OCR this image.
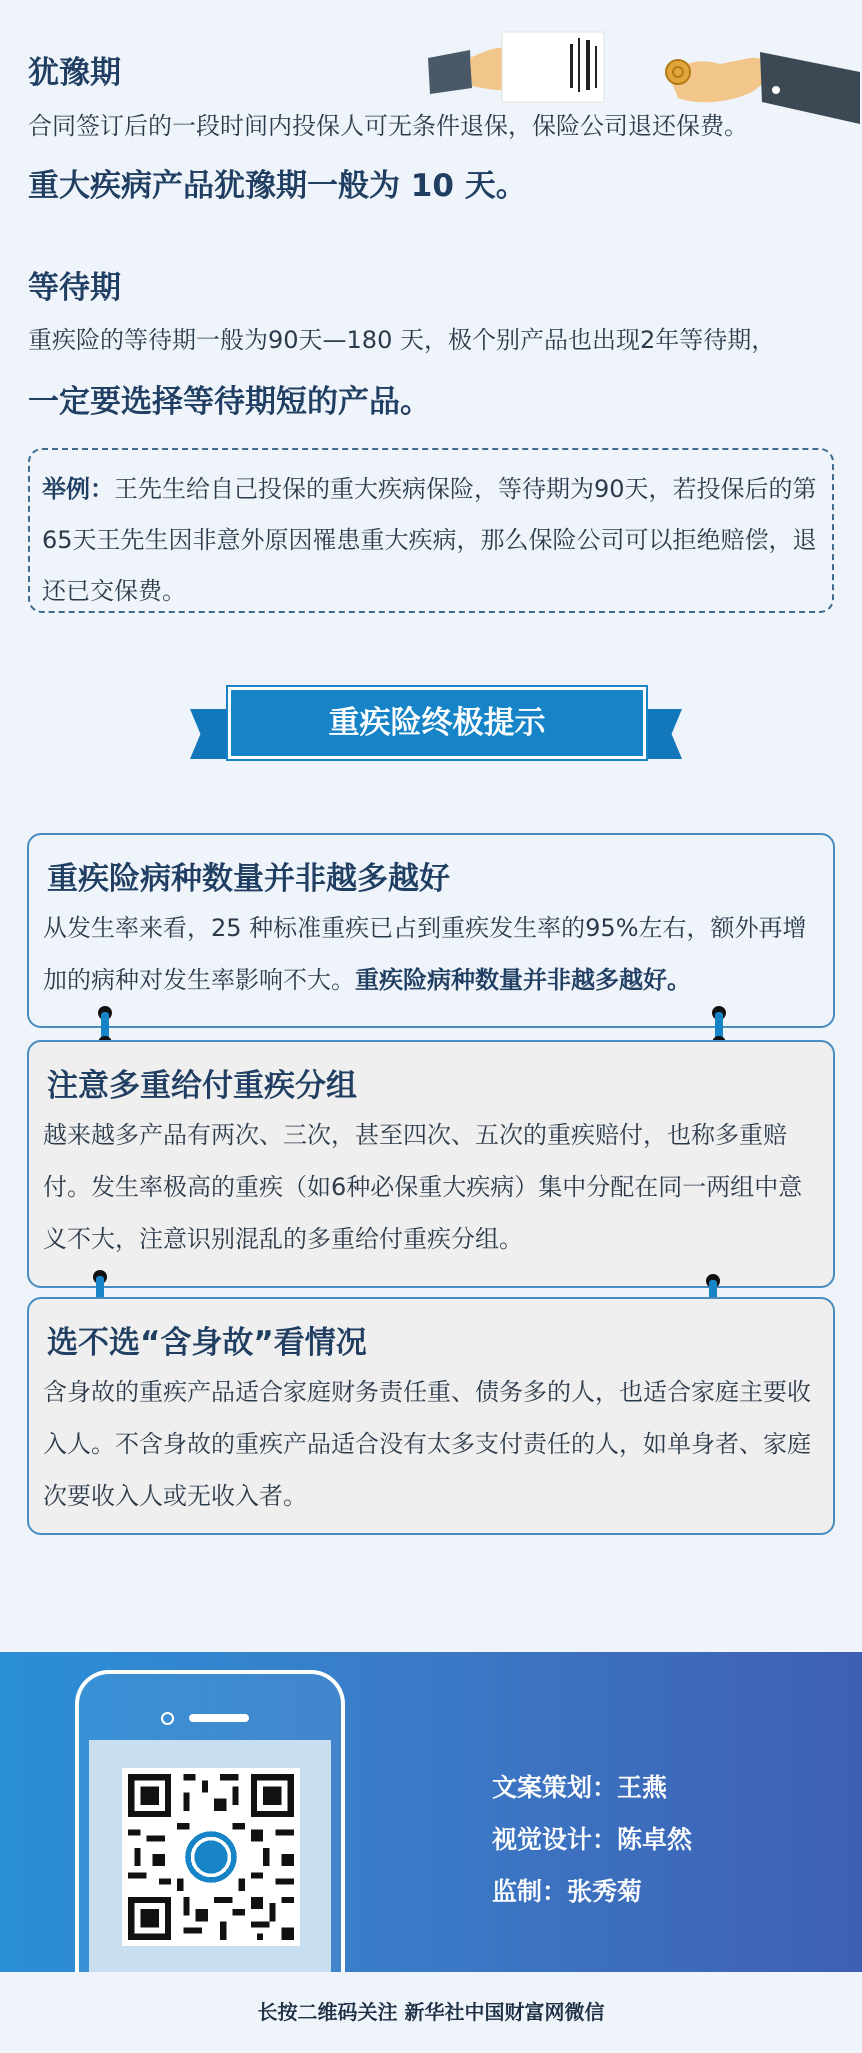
犹豫期
合同签订后的一段时间内投保人可无条件退保，保险公司退还保费。
重大疾病产品犹豫期一般为 10 天。
等待期
重疾险的等待期一般为90天—180 天，极个别产品也出现2年等待期，
一定要选择等待期短的产品。
举例：王先生给自己投保的重大疾病保险，等待期为90天，若投保后的第65天王先生因非意外原因罹患重大疾病，那么保险公司可以拒绝赔偿，退还已交保费。
重疾险终极提示
重疾险病种数量并非越多越好
从发生率来看，25 种标准重疾已占到重疾发生率的95%左右，额外再增加的病种对发生率影响不大。重疾险病种数量并非越多越好。
注意多重给付重疾分组
越来越多产品有两次、三次，甚至四次、五次的重疾赔付，也称多重赔付。发生率极高的重疾（如6种必保重大疾病）集中分配在同一两组中意义不大，注意识别混乱的多重给付重疾分组。
选不选“含身故”看情况
含身故的重疾产品适合家庭财务责任重、债务多的人，也适合家庭主要收入人。不含身故的重疾产品适合没有太多支付责任的人，如单身者、家庭次要收入人或无收入者。
文案策划：王燕
视觉设计：陈卓然
监制：张秀菊
长按二维码关注 新华社中国财富网微信
